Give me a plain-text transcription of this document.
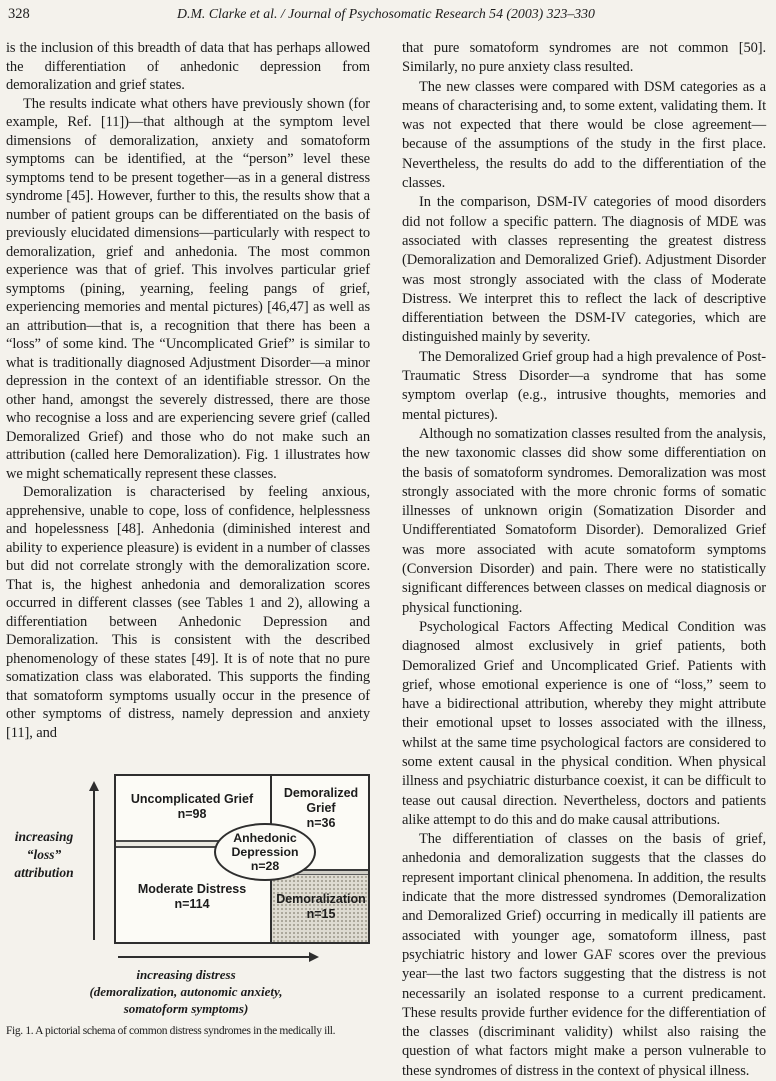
328	D.M. Clarke et al. / Journal of Psychosomatic Research 54 (2003) 323–330

is the inclusion of this breadth of data that has perhaps allowed the differentiation of anhedonic depression from demoralization and grief states.

The results indicate what others have previously shown (for example, Ref. [11])—that although at the symptom level dimensions of demoralization, anxiety and somatoform symptoms can be identified, at the “person” level these symptoms tend to be present together—as in a general distress syndrome [45]. However, further to this, the results show that a number of patient groups can be differentiated on the basis of previously elucidated dimensions—particularly with respect to demoralization, grief and anhedonia. The most common experience was that of grief. This involves particular grief symptoms (pining, yearning, feeling pangs of grief, experiencing memories and mental pictures) [46,47] as well as an attribution—that is, a recognition that there has been a “loss” of some kind. The “Uncomplicated Grief” is similar to what is traditionally diagnosed Adjustment Disorder—a minor depression in the context of an identifiable stressor. On the other hand, amongst the severely distressed, there are those who recognise a loss and are experiencing severe grief (called Demoralized Grief) and those who do not make such an attribution (called here Demoralization). Fig. 1 illustrates how we might schematically represent these classes.

Demoralization is characterised by feeling anxious, apprehensive, unable to cope, loss of confidence, helplessness and hopelessness [48]. Anhedonia (diminished interest and ability to experience pleasure) is evident in a number of classes but did not correlate strongly with the demoralization score. That is, the highest anhedonia and demoralization scores occurred in different classes (see Tables 1 and 2), allowing a differentiation between Anhedonic Depression and Demoralization. This is consistent with the described phenomenology of these states [49]. It is of note that no pure somatization class was elaborated. This supports the finding that somatoform symptoms usually occur in the presence of other symptoms of distress, namely depression and anxiety [11], and

increasing
“loss”
attribution
Uncomplicated Grief
n=98
Demoralized Grief
n=36
Moderate Distress
n=114	Demoralization
n=15
Anhedonic Depression
n=28
increasing distress
(demoralization, autonomic anxiety,
somatoform symptoms)
Fig. 1. A pictorial schema of common distress syndromes in the medically ill.

that pure somatoform syndromes are not common [50]. Similarly, no pure anxiety class resulted.

The new classes were compared with DSM categories as a means of characterising and, to some extent, validating them. It was not expected that there would be close agreement—because of the assumptions of the study in the first place. Nevertheless, the results do add to the differentiation of the classes.

In the comparison, DSM-IV categories of mood disorders did not follow a specific pattern. The diagnosis of MDE was associated with classes representing the greatest distress (Demoralization and Demoralized Grief). Adjustment Disorder was most strongly associated with the class of Moderate Distress. We interpret this to reflect the lack of descriptive differentiation between the DSM-IV categories, which are distinguished mainly by severity.

The Demoralized Grief group had a high prevalence of Post-Traumatic Stress Disorder—a syndrome that has some symptom overlap (e.g., intrusive thoughts, memories and mental pictures).

Although no somatization classes resulted from the analysis, the new taxonomic classes did show some differentiation on the basis of somatoform syndromes. Demoralization was most strongly associated with the more chronic forms of somatic illnesses of unknown origin (Somatization Disorder and Undifferentiated Somatoform Disorder). Demoralized Grief was more associated with acute somatoform symptoms (Conversion Disorder) and pain. There were no statistically significant differences between classes on medical diagnosis or physical functioning.

Psychological Factors Affecting Medical Condition was diagnosed almost exclusively in grief patients, both Demoralized Grief and Uncomplicated Grief. Patients with grief, whose emotional experience is one of “loss,” seem to have a bidirectional attribution, whereby they might attribute their emotional upset to losses associated with the illness, whilst at the same time psychological factors are considered to some extent causal in the physical condition. When physical illness and psychiatric disturbance coexist, it can be difficult to tease out causal direction. Nevertheless, doctors and patients alike attempt to do this and do make causal attributions.

The differentiation of classes on the basis of grief, anhedonia and demoralization suggests that the classes do represent important clinical phenomena. In addition, the results indicate that the more distressed syndromes (Demoralization and Demoralized Grief) occurring in medically ill patients are associated with younger age, somatoform illness, past psychiatric history and lower GAF scores over the previous year—the last two factors suggesting that the distress is not necessarily an isolated response to a current predicament. These results provide further evidence for the differentiation of the classes (discriminant validity) whilst also raising the question of what factors might make a person vulnerable to these syndromes of distress in the context of physical illness.
